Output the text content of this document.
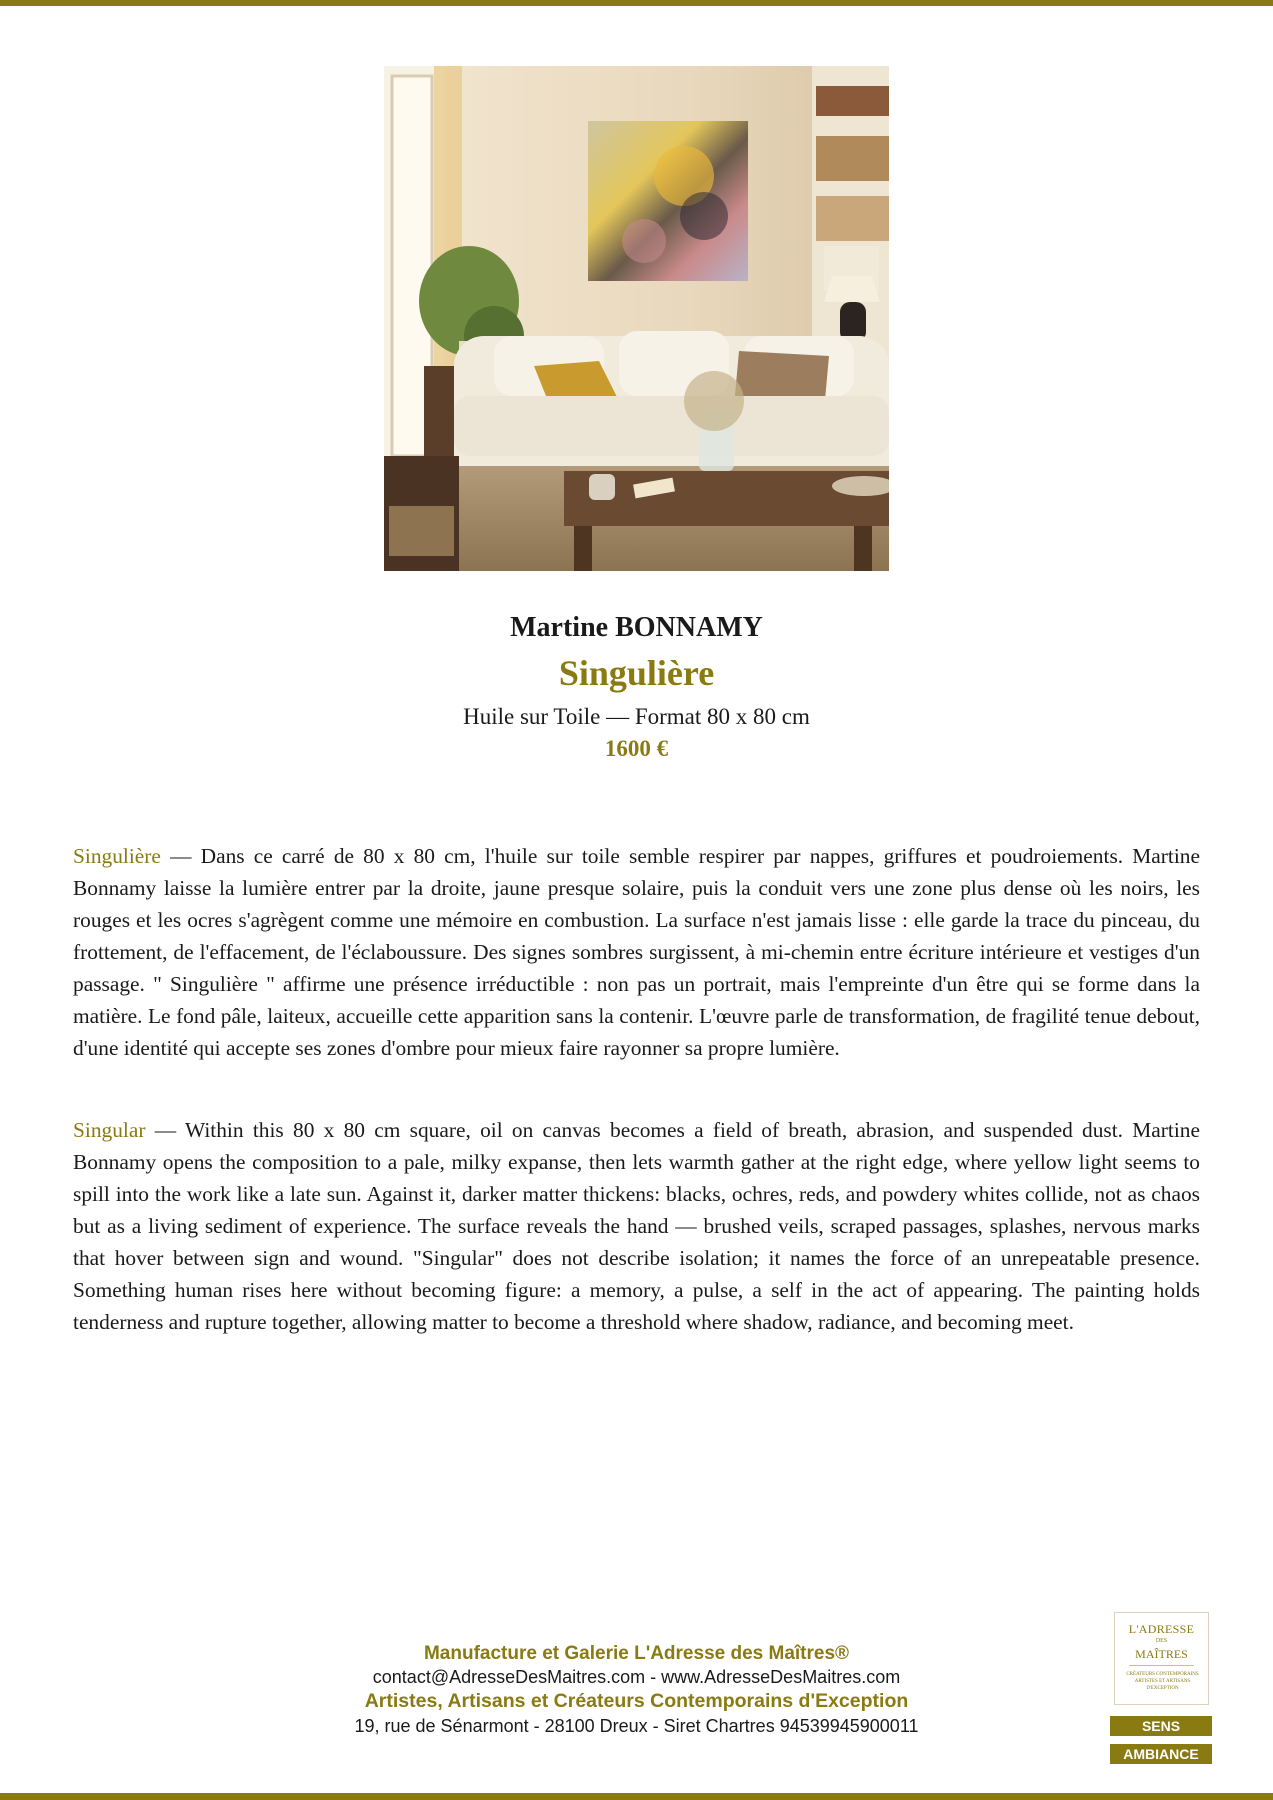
Martine BONNAMY
Singulière
Huile sur Toile — Format 80 x 80 cm
1600 €
Singulière — Dans ce carré de 80 x 80 cm, l'huile sur toile semble respirer par nappes, griffures et poudroiements. Martine Bonnamy laisse la lumière entrer par la droite, jaune presque solaire, puis la conduit vers une zone plus dense où les noirs, les rouges et les ocres s'agrègent comme une mémoire en combustion. La surface n'est jamais lisse : elle garde la trace du pinceau, du frottement, de l'effacement, de l'éclaboussure. Des signes sombres surgissent, à mi-chemin entre écriture intérieure et vestiges d'un passage. " Singulière " affirme une présence irréductible : non pas un portrait, mais l'empreinte d'un être qui se forme dans la matière. Le fond pâle, laiteux, accueille cette apparition sans la contenir. L'œuvre parle de transformation, de fragilité tenue debout, d'une identité qui accepte ses zones d'ombre pour mieux faire rayonner sa propre lumière.
Singular — Within this 80 x 80 cm square, oil on canvas becomes a field of breath, abrasion, and suspended dust. Martine Bonnamy opens the composition to a pale, milky expanse, then lets warmth gather at the right edge, where yellow light seems to spill into the work like a late sun. Against it, darker matter thickens: blacks, ochres, reds, and powdery whites collide, not as chaos but as a living sediment of experience. The surface reveals the hand — brushed veils, scraped passages, splashes, nervous marks that hover between sign and wound. "Singular" does not describe isolation; it names the force of an unrepeatable presence. Something human rises here without becoming figure: a memory, a pulse, a self in the act of appearing. The painting holds tenderness and rupture together, allowing matter to become a threshold where shadow, radiance, and becoming meet.
Manufacture et Galerie L'Adresse des Maîtres®
contact@AdresseDesMaitres.com - www.AdresseDesMaitres.com
Artistes, Artisans et Créateurs Contemporains d'Exception
19, rue de Sénarmont - 28100 Dreux - Siret Chartres 94539945900011
L'ADRESSE
DES
MAÎTRES
CRÉATEURS CONTEMPORAINS ARTISTES ET ARTISANS D'EXCEPTION
SENS
AMBIANCE
